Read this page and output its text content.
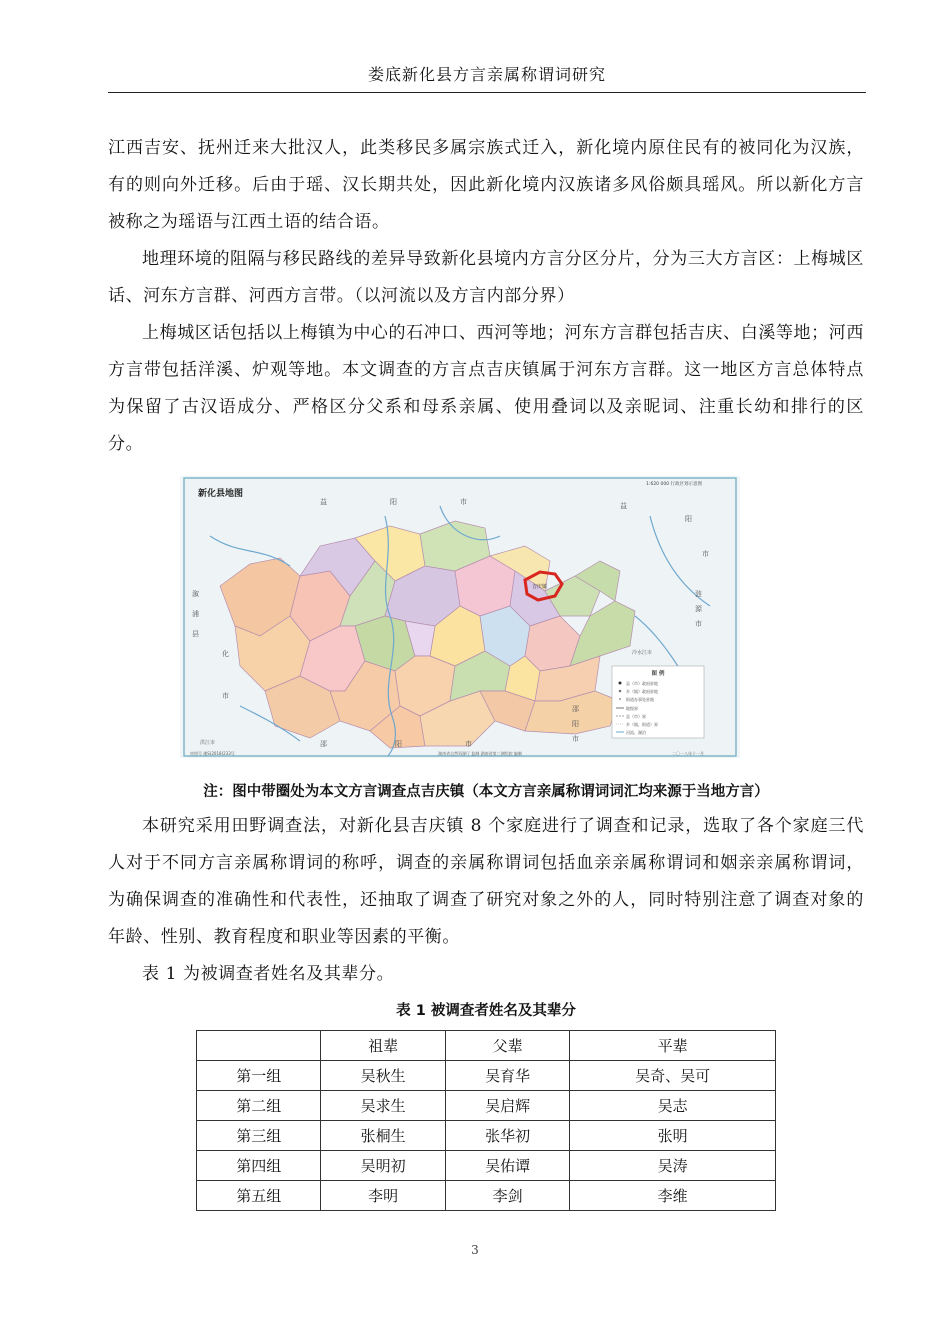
娄底新化县方言亲属称谓词研究

江西吉安、抚州迁来大批汉人，此类移民多属宗族式迁入，新化境内原住民有的被同化为汉族，有的则向外迁移。后由于瑶、汉长期共处，因此新化境内汉族诸多风俗颇具瑶风。所以新化方言被称之为瑶语与江西土语的结合语。

地理环境的阻隔与移民路线的差异导致新化县境内方言分区分片，分为三大方言区：上梅城区话、河东方言群、河西方言带。（以河流以及方言内部分界）

上梅城区话包括以上梅镇为中心的石冲口、西河等地；河东方言群包括吉庆、白溪等地；河西方言带包括洋溪、炉观等地。本文调查的方言点吉庆镇属于河东方言群。这一地区方言总体特点为保留了古汉语成分、严格区分父系和母系亲属、使用叠词以及亲昵词、注重长幼和排行的区分。

1:620 000 行政区划示意图
新化县地图
益	阳	市	益
阳
市
涟
源
市
冷水江市
溆
浦
县
化
市
邵	阳	市
邵
阳
市
洪江市
吉庆镇
图 例
县（市）政府驻地
乡（镇）政府驻地
街道办事处驻地
地级界
县（市）界
乡（镇、街道）界
河流、湖泊
审图号 湘S(2018)233号	湖南省自然资源厅 监制 湖南省第三测绘院 编制	二〇一八年十一月
注：图中带圈处为本文方言调查点吉庆镇（本文方言亲属称谓词词汇均来源于当地方言）

本研究采用田野调查法，对新化县吉庆镇 8 个家庭进行了调查和记录，选取了各个家庭三代人对于不同方言亲属称谓词的称呼，调查的亲属称谓词包括血亲亲属称谓词和姻亲亲属称谓词，为确保调查的准确性和代表性，还抽取了调查了研究对象之外的人，同时特别注意了调查对象的年龄、性别、教育程度和职业等因素的平衡。

表 1 为被调查者姓名及其辈分。

表 1 被调查者姓名及其辈分
	祖辈	父辈	平辈
第一组	吴秋生	吴育华	吴奇、吴可
第二组	吴求生	吴启辉	吴志
第三组	张桐生	张华初	张明
第四组	吴明初	吴佑谭	吴涛
第五组	李明	李剑	李维
3
